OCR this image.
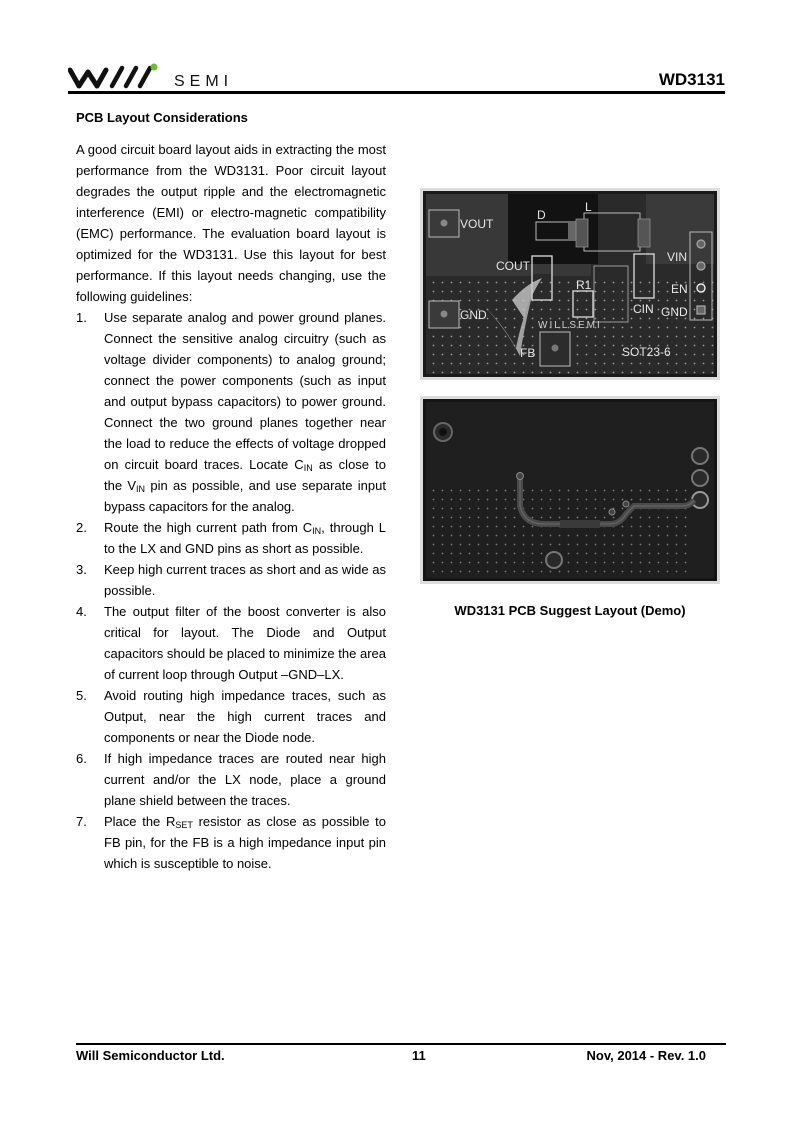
SEMI	WD3131
PCB Layout Considerations

A good circuit board layout aids in extracting the most performance from the WD3131. Poor circuit layout degrades the output ripple and the electromagnetic interference (EMI) or electro-magnetic compatibility (EMC) performance. The evaluation board layout is optimized for the WD3131. Use this layout for best performance. If this layout needs changing, use the following guidelines:

1. Use separate analog and power ground planes. Connect the sensitive analog circuitry (such as voltage divider components) to analog ground; connect the power components (such as input and output bypass capacitors) to power ground. Connect the two ground planes together near the load to reduce the effects of voltage dropped on circuit board traces. Locate $C_{IN}$ as close to the $V_{IN}$ pin as possible, and use separate input bypass capacitors for the analog.
2. Route the high current path from $C_{IN}$, through L to the LX and GND pins as short as possible.
3. Keep high current traces as short and as wide as possible.
4. The output filter of the boost converter is also critical for layout. The Diode and Output capacitors should be placed to minimize the area of current loop through Output –GND–LX.
5. Avoid routing high impedance traces, such as Output, near the high current traces and components or near the Diode node.
6. If high impedance traces are routed near high current and/or the LX node, place a ground plane shield between the traces.
7. Place the $R_{SET}$ resistor as close as possible to FB pin, for the FB is a high impedance input pin which is susceptible to noise.
VOUT
D
L
COUT
R1
CIN
VIN
EN
GND
GND
FB
WILLSEMI
SOT23-6
WD3131 PCB Suggest Layout (Demo)
Will Semiconductor Ltd.	11	Nov, 2014 - Rev. 1.0
